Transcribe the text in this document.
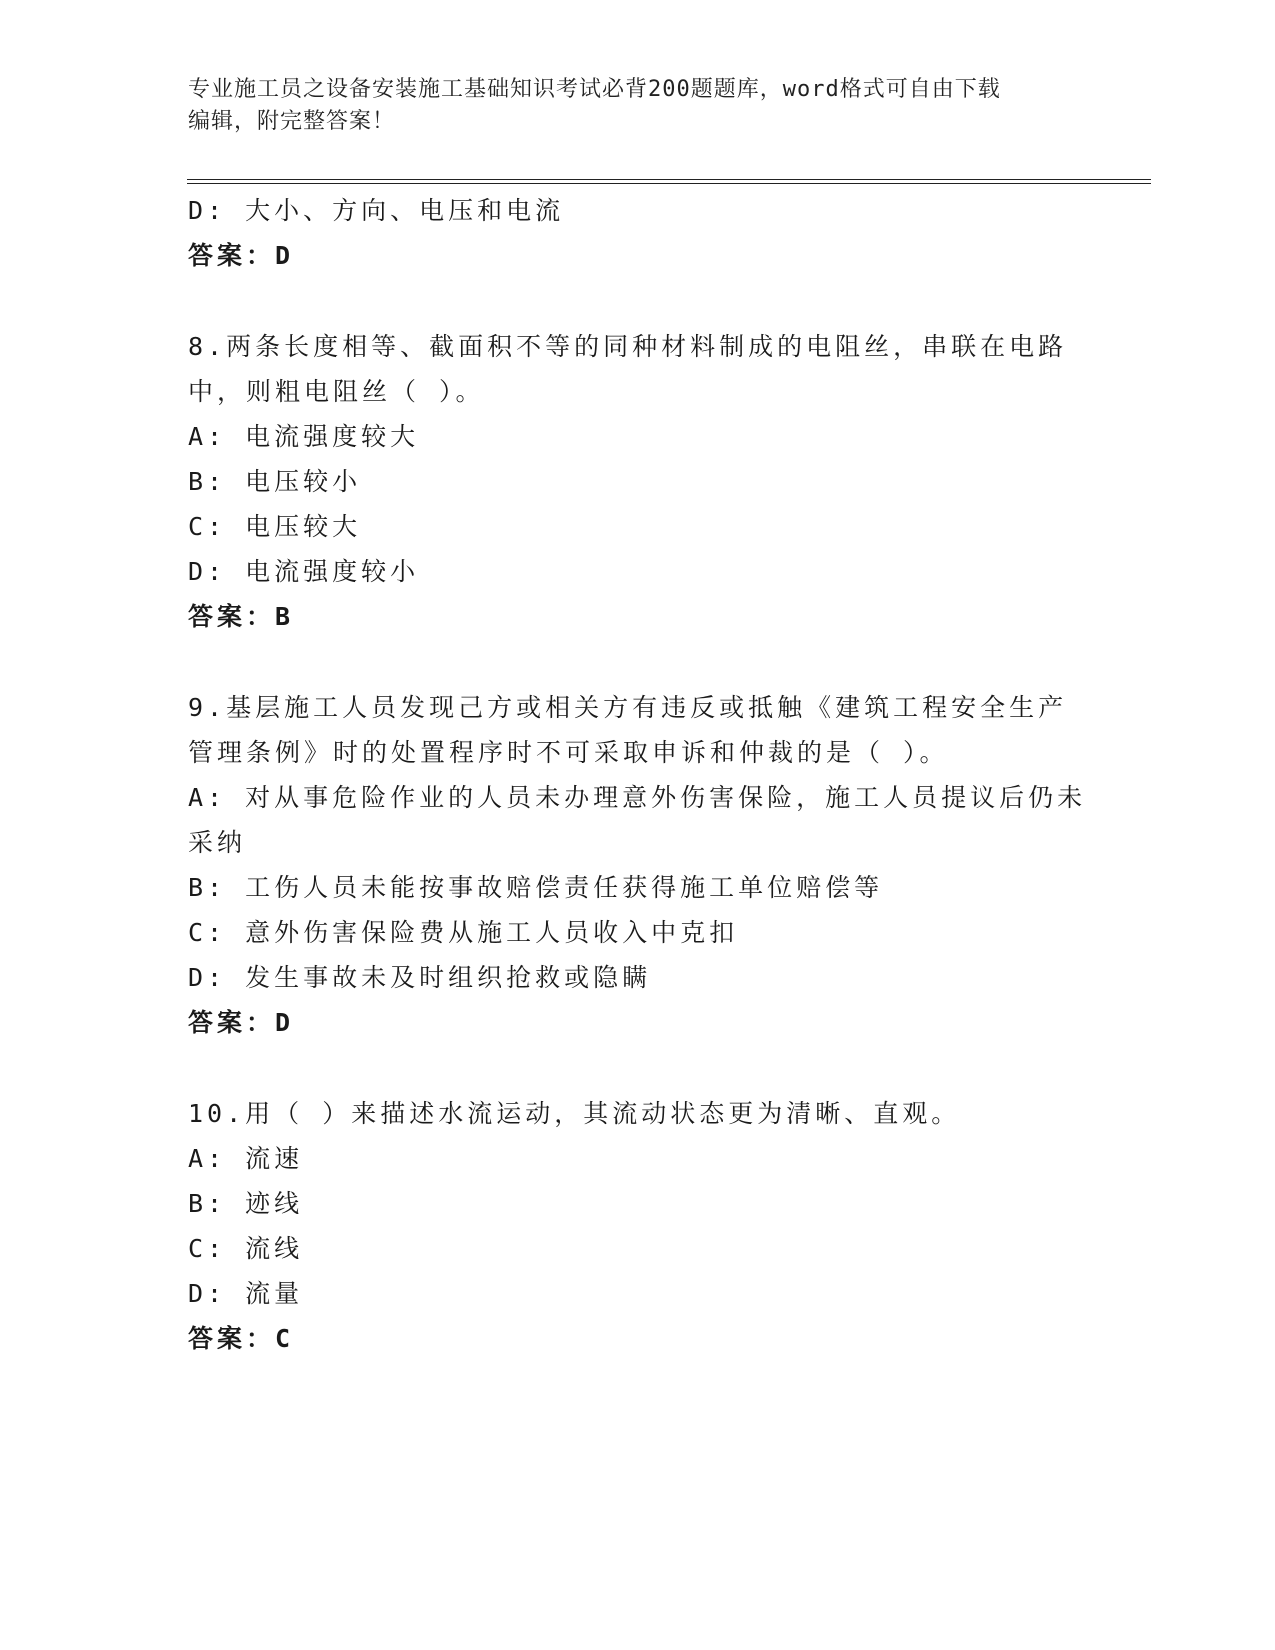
专业施工员之设备安装施工基础知识考试必背200题题库，word格式可自由下载
编辑，附完整答案！
D: 大小、方向、电压和电流
答案：D
8.两条长度相等、截面积不等的同种材料制成的电阻丝，串联在电路
中，则粗电阻丝（ ）。
A: 电流强度较大
B: 电压较小
C: 电压较大
D: 电流强度较小
答案：B
9.基层施工人员发现己方或相关方有违反或抵触《建筑工程安全生产
管理条例》时的处置程序时不可采取申诉和仲裁的是（ ）。
A: 对从事危险作业的人员未办理意外伤害保险，施工人员提议后仍未
采纳
B: 工伤人员未能按事故赔偿责任获得施工单位赔偿等
C: 意外伤害保险费从施工人员收入中克扣
D: 发生事故未及时组织抢救或隐瞒
答案：D
10.用（ ）来描述水流运动，其流动状态更为清晰、直观。
A: 流速
B: 迹线
C: 流线
D: 流量
答案：C
